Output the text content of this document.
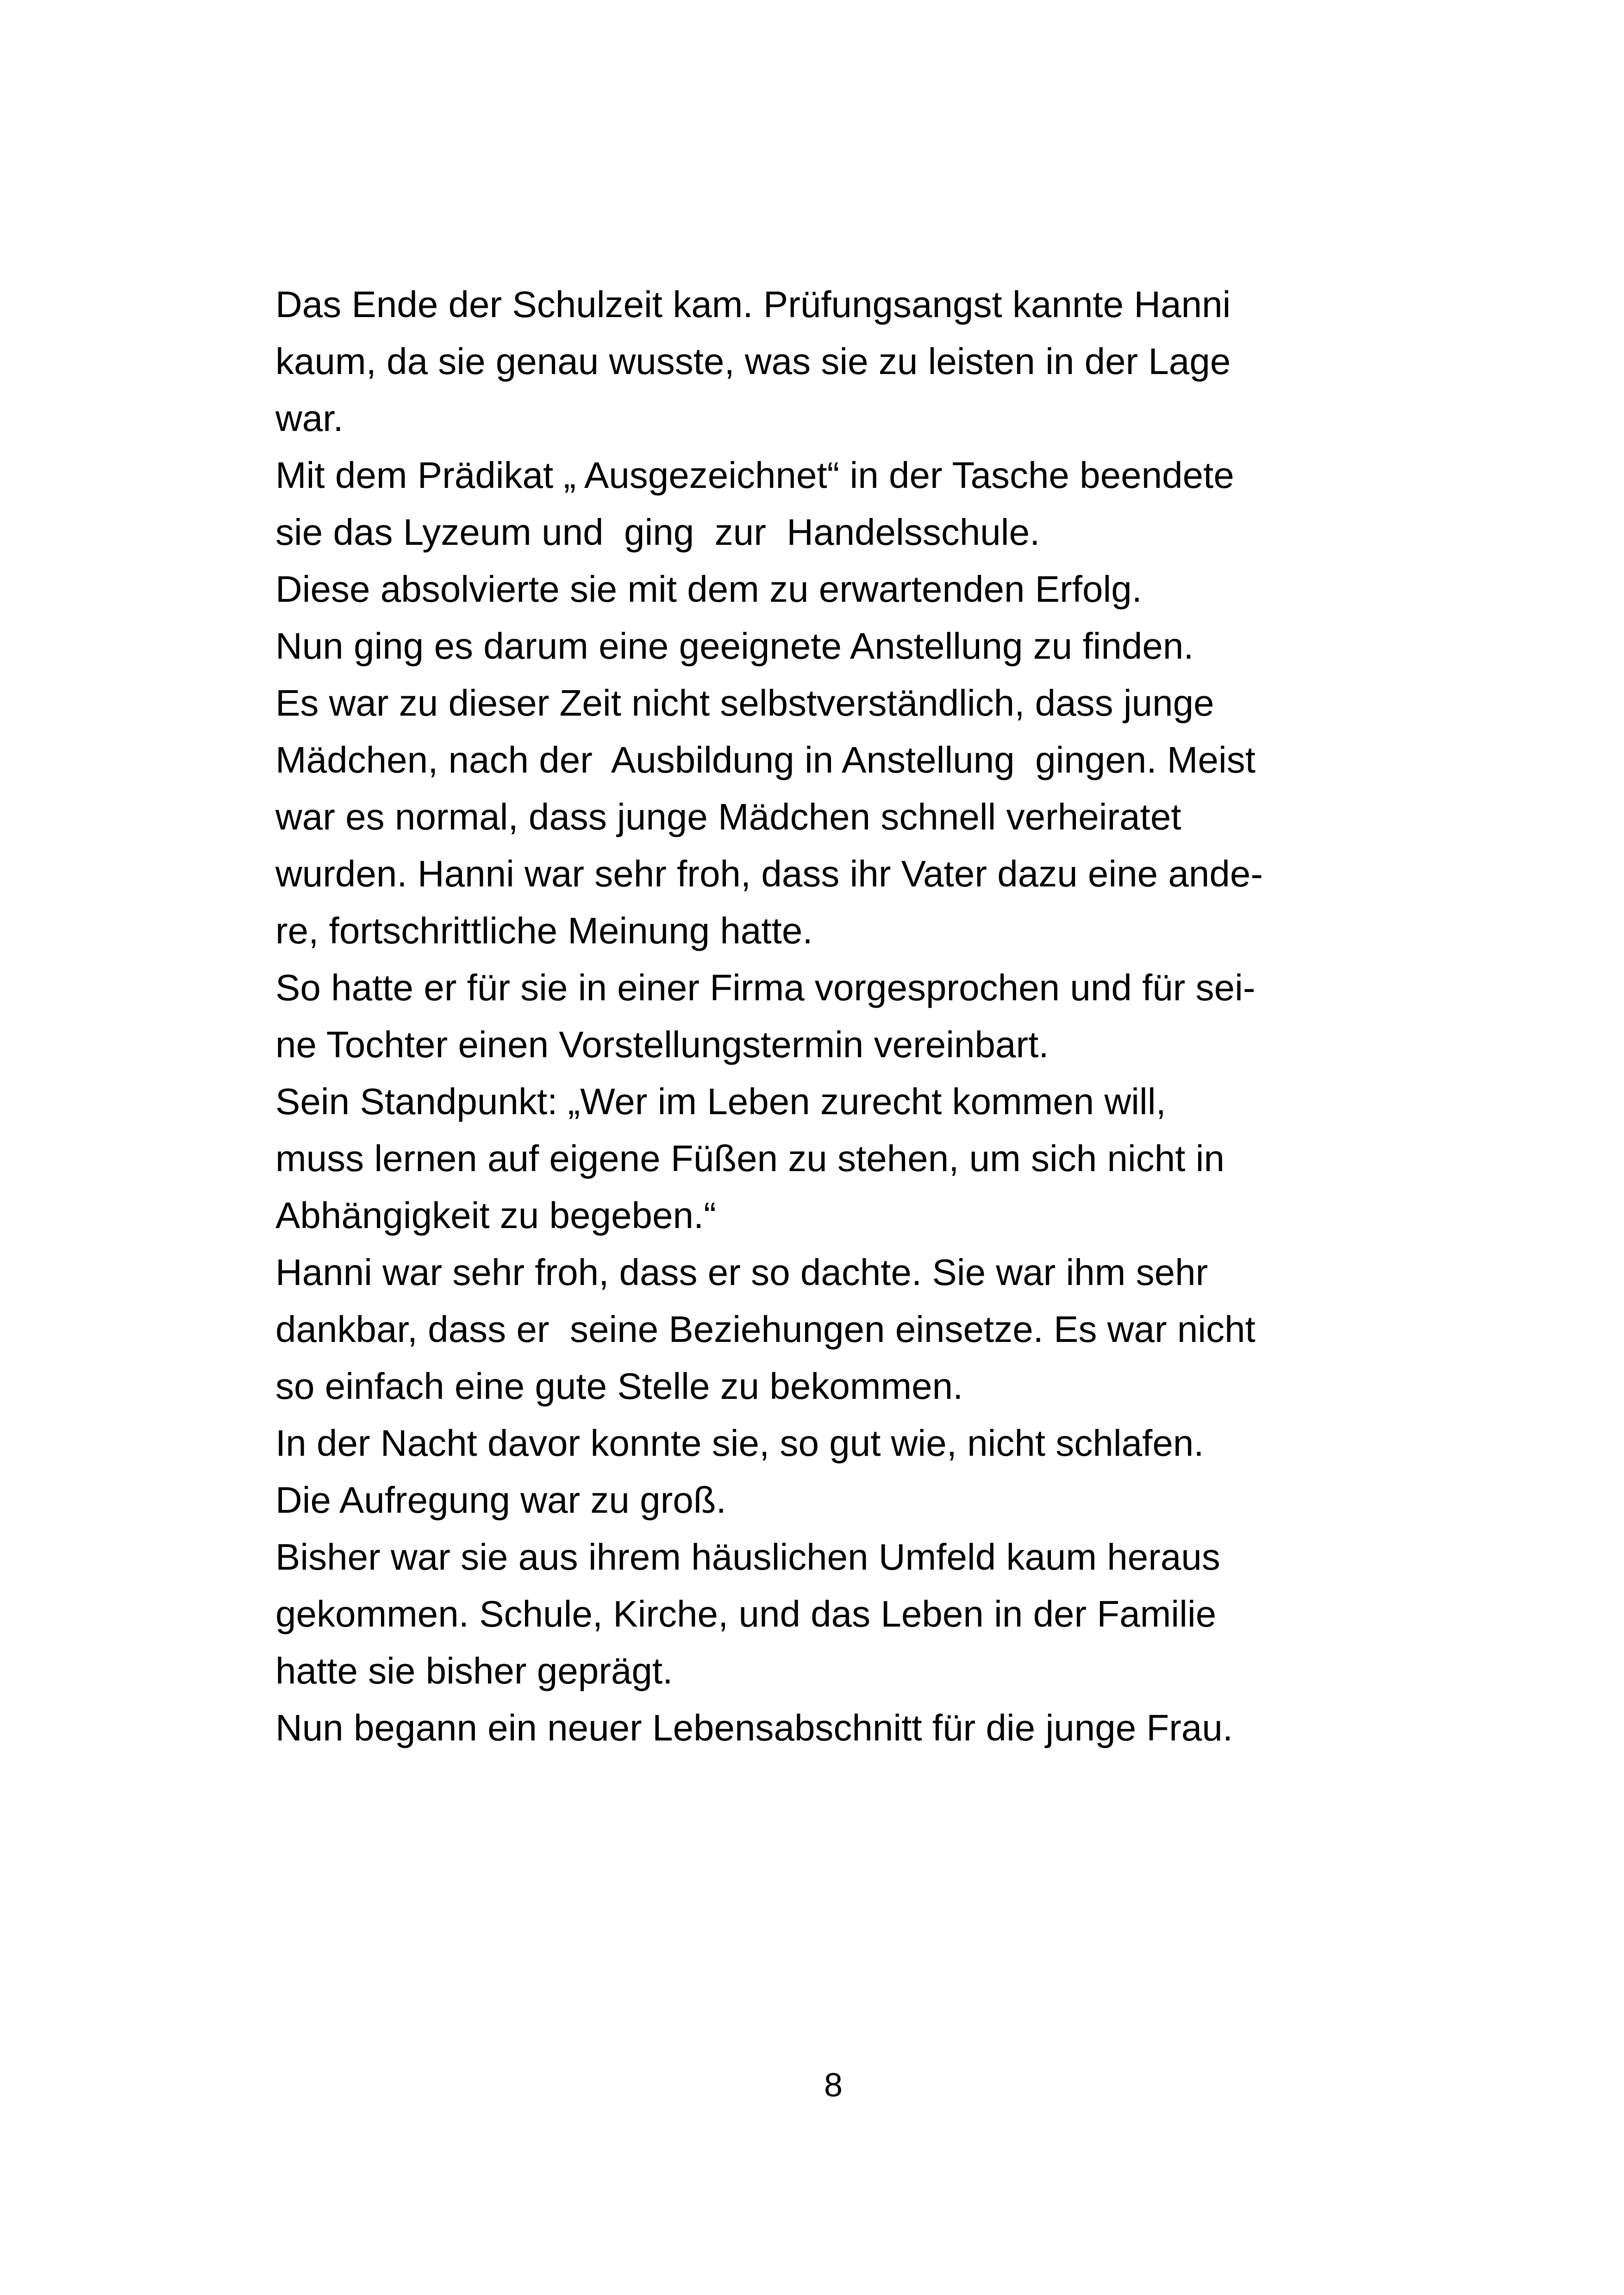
Das Ende der Schulzeit kam. Prüfungsangst kannte Hanni
kaum, da sie genau wusste, was sie zu leisten in der Lage
war.
Mit dem Prädikat „ Ausgezeichnet“ in der Tasche beendete
sie das Lyzeum und  ging  zur  Handelsschule.
Diese absolvierte sie mit dem zu erwartenden Erfolg.
Nun ging es darum eine geeignete Anstellung zu finden.
Es war zu dieser Zeit nicht selbstverständlich, dass junge
Mädchen, nach der  Ausbildung in Anstellung  gingen. Meist
war es normal, dass junge Mädchen schnell verheiratet
wurden. Hanni war sehr froh, dass ihr Vater dazu eine ande-
re, fortschrittliche Meinung hatte.
So hatte er für sie in einer Firma vorgesprochen und für sei-
ne Tochter einen Vorstellungstermin vereinbart.
Sein Standpunkt: „Wer im Leben zurecht kommen will,
muss lernen auf eigene Füßen zu stehen, um sich nicht in
Abhängigkeit zu begeben.“
Hanni war sehr froh, dass er so dachte. Sie war ihm sehr
dankbar, dass er  seine Beziehungen einsetze. Es war nicht
so einfach eine gute Stelle zu bekommen.
In der Nacht davor konnte sie, so gut wie, nicht schlafen.
Die Aufregung war zu groß.
Bisher war sie aus ihrem häuslichen Umfeld kaum heraus
gekommen. Schule, Kirche, und das Leben in der Familie
hatte sie bisher geprägt.
Nun begann ein neuer Lebensabschnitt für die junge Frau.
8
